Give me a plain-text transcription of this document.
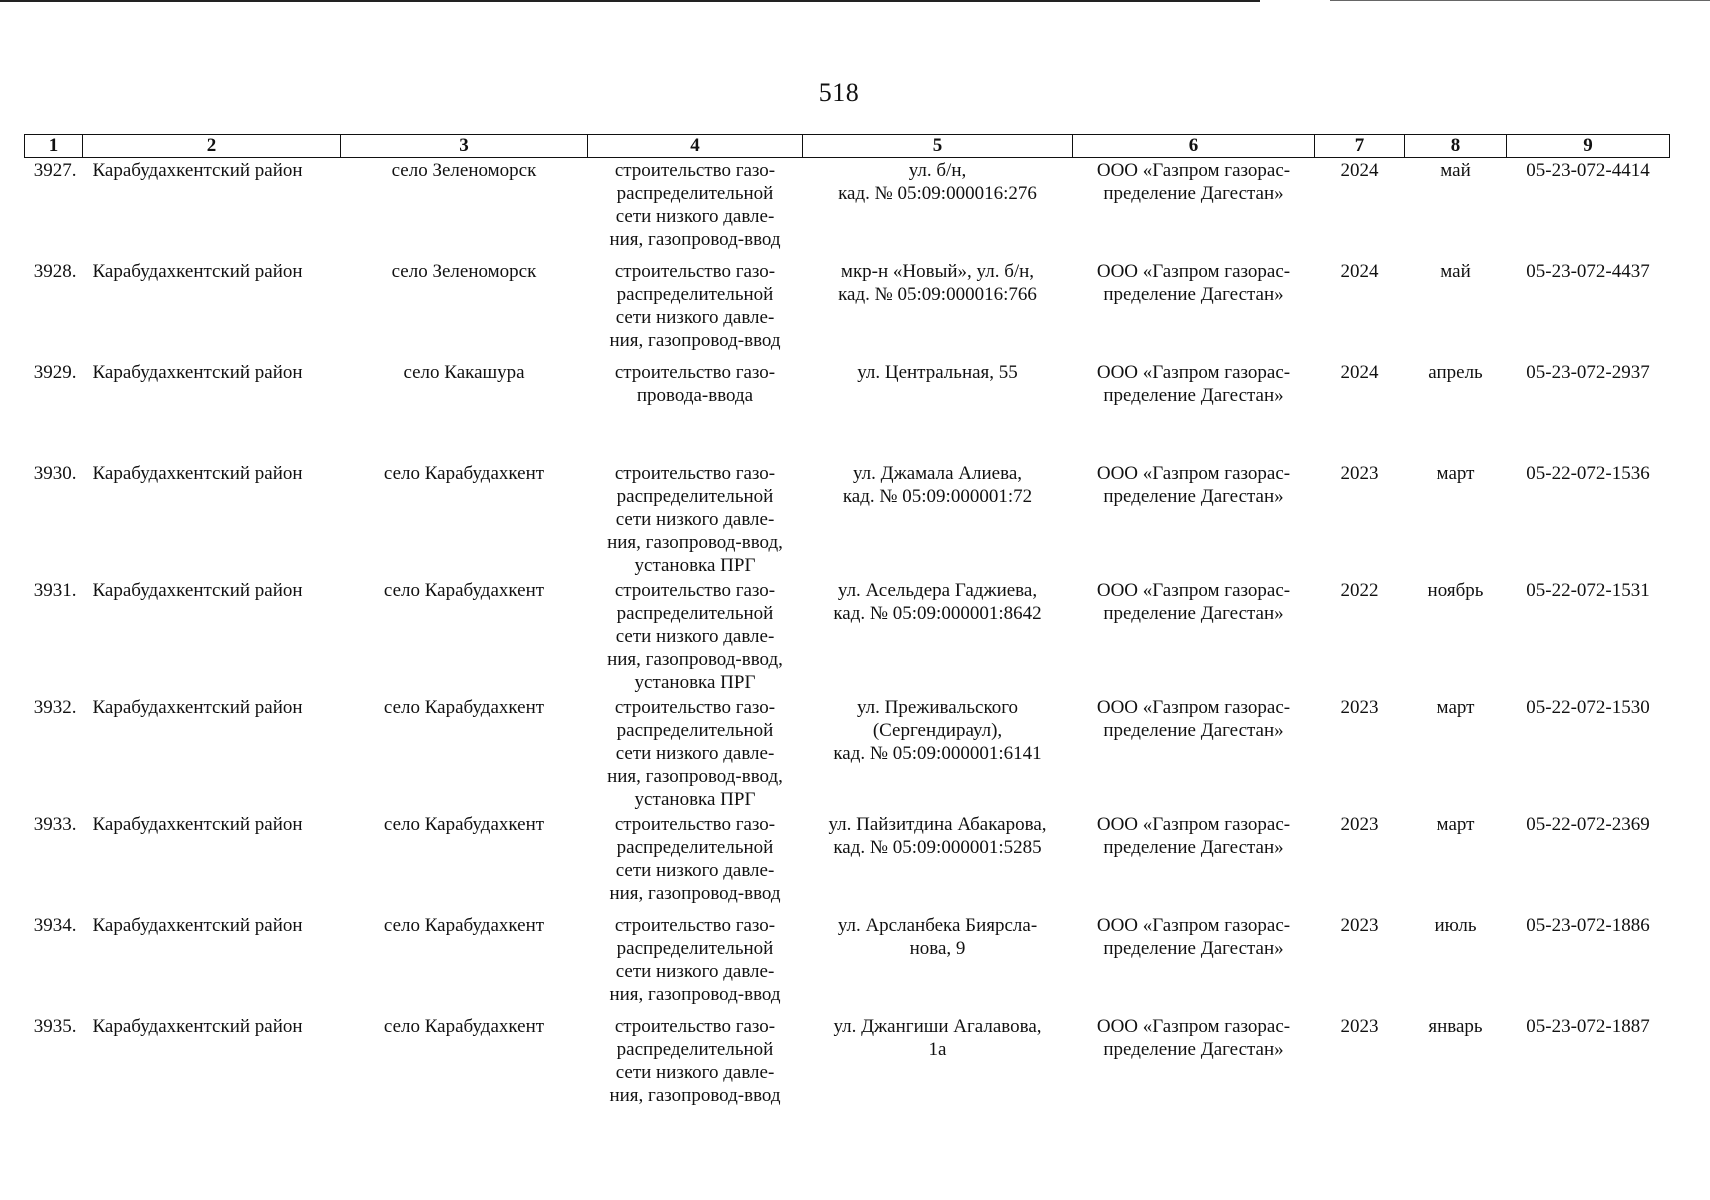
518
1	2	3	4	5	6	7	8	9
3927.	Карабудахкентский район	село Зеленоморск	строительство газо-
распределительной
сети низкого давле-
ния, газопровод-ввод	ул. б/н,
кад. № 05:09:000016:276	ООО «Газпром газорас-
пределение Дагестан»	2024	май	05-23-072-4414
3928.	Карабудахкентский район	село Зеленоморск	строительство газо-
распределительной
сети низкого давле-
ния, газопровод-ввод	мкр-н «Новый», ул. б/н,
кад. № 05:09:000016:766	ООО «Газпром газорас-
пределение Дагестан»	2024	май	05-23-072-4437
3929.	Карабудахкентский район	село Какашура	строительство газо-
провода-ввода	ул. Центральная, 55	ООО «Газпром газорас-
пределение Дагестан»	2024	апрель	05-23-072-2937
3930.	Карабудахкентский район	село Карабудахкент	строительство газо-
распределительной
сети низкого давле-
ния, газопровод-ввод,
установка ПРГ	ул. Джамала Алиева,
кад. № 05:09:000001:72	ООО «Газпром газорас-
пределение Дагестан»	2023	март	05-22-072-1536
3931.	Карабудахкентский район	село Карабудахкент	строительство газо-
распределительной
сети низкого давле-
ния, газопровод-ввод,
установка ПРГ	ул. Асельдера Гаджиева,
кад. № 05:09:000001:8642	ООО «Газпром газорас-
пределение Дагестан»	2022	ноябрь	05-22-072-1531
3932.	Карабудахкентский район	село Карабудахкент	строительство газо-
распределительной
сети низкого давле-
ния, газопровод-ввод,
установка ПРГ	ул. Преживальского
(Сергендираул),
кад. № 05:09:000001:6141	ООО «Газпром газорас-
пределение Дагестан»	2023	март	05-22-072-1530
3933.	Карабудахкентский район	село Карабудахкент	строительство газо-
распределительной
сети низкого давле-
ния, газопровод-ввод	ул. Пайзитдина Абакарова,
кад. № 05:09:000001:5285	ООО «Газпром газорас-
пределение Дагестан»	2023	март	05-22-072-2369
3934.	Карабудахкентский район	село Карабудахкент	строительство газо-
распределительной
сети низкого давле-
ния, газопровод-ввод	ул. Арсланбека Биярсла-
нова, 9	ООО «Газпром газорас-
пределение Дагестан»	2023	июль	05-23-072-1886
3935.	Карабудахкентский район	село Карабудахкент	строительство газо-
распределительной
сети низкого давле-
ния, газопровод-ввод	ул. Джангиши Агалавова,
1а	ООО «Газпром газорас-
пределение Дагестан»	2023	январь	05-23-072-1887
